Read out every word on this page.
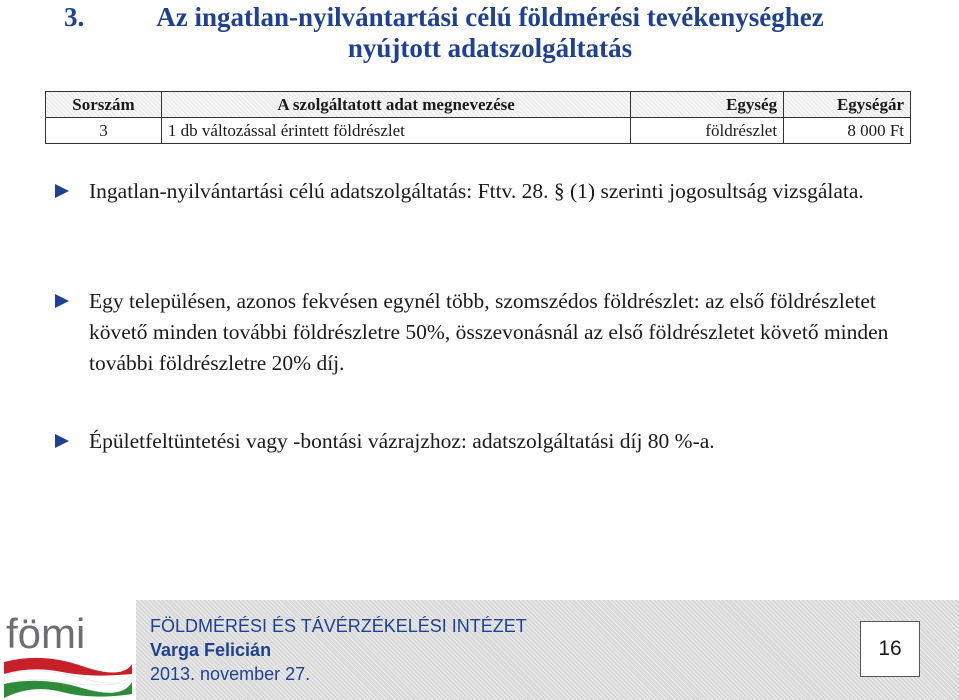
3.	Az ingatlan-nyilvántartási célú földmérési tevékenységhez
nyújtott adatszolgáltatás
Sorszám	A szolgáltatott adat megnevezése	Egység	Egységár
3	1 db változással érintett földrészlet	földrészlet	8 000 Ft
Ingatlan-nyilvántartási célú adatszolgáltatás: Fttv. 28. § (1) szerinti jogosultság vizsgálata.
Egy településen, azonos fekvésen egynél több, szomszédos földrészlet: az első földrészletet követő minden további földrészletre 50%, összevonásnál az első földrészletet követő minden további földrészletre 20% díj.
Épületfeltüntetési vagy -bontási vázrajzhoz: adatszolgáltatási díj 80 %-a.
fömi	FÖLDMÉRÉSI ÉS TÁVÉRZÉKELÉSI INTÉZET
Varga Felicián
2013. november 27.
16
